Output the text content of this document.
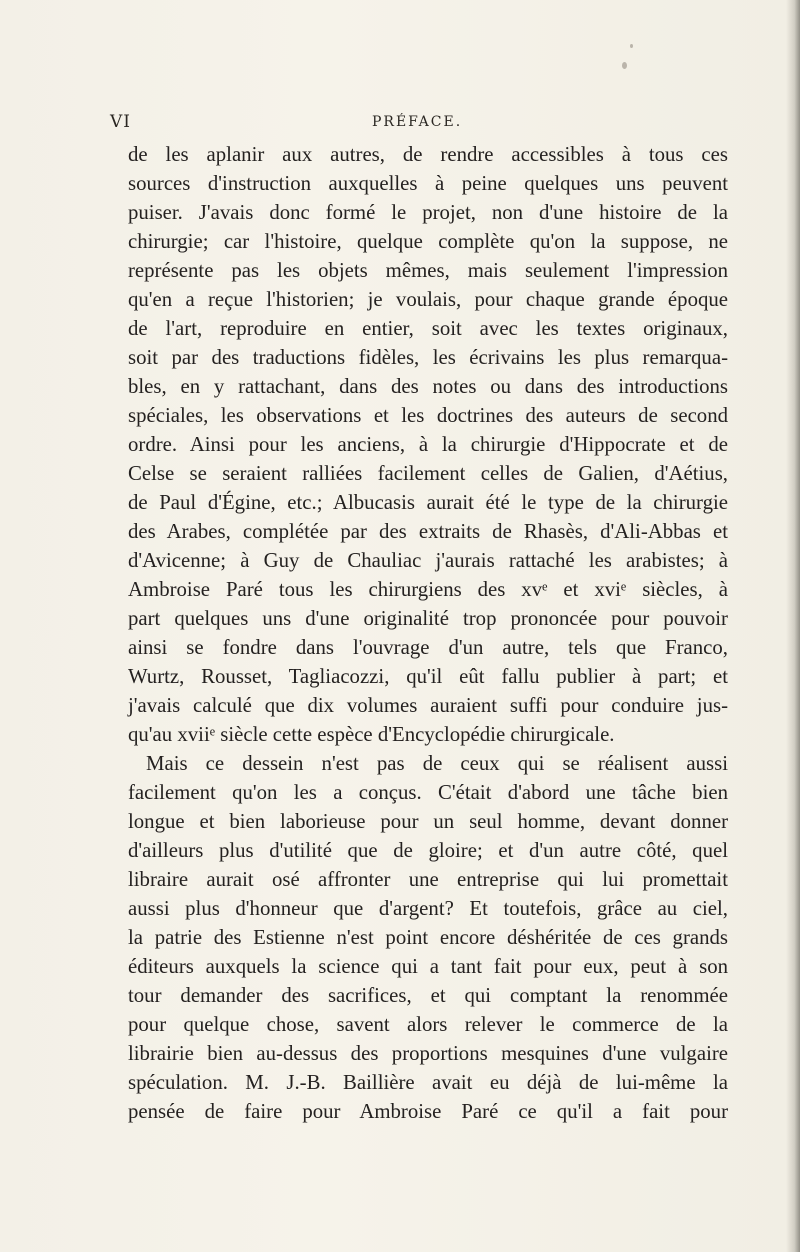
VI	PRÉFACE.
de les aplanir aux autres, de rendre accessibles à tous ces
sources d'instruction auxquelles à peine quelques uns peuvent
puiser. J'avais donc formé le projet, non d'une histoire de la
chirurgie; car l'histoire, quelque complète qu'on la suppose, ne
représente pas les objets mêmes, mais seulement l'impression
qu'en a reçue l'historien; je voulais, pour chaque grande époque
de l'art, reproduire en entier, soit avec les textes originaux,
soit par des traductions fidèles, les écrivains les plus remarqua-
bles, en y rattachant, dans des notes ou dans des introductions
spéciales, les observations et les doctrines des auteurs de second
ordre. Ainsi pour les anciens, à la chirurgie d'Hippocrate et de
Celse se seraient ralliées facilement celles de Galien, d'Aétius,
de Paul d'Égine, etc.; Albucasis aurait été le type de la chirurgie
des Arabes, complétée par des extraits de Rhasès, d'Ali-Abbas et
d'Avicenne; à Guy de Chauliac j'aurais rattaché les arabistes; à
Ambroise Paré tous les chirurgiens des xvᵉ et xviᵉ siècles, à
part quelques uns d'une originalité trop prononcée pour pouvoir
ainsi se fondre dans l'ouvrage d'un autre, tels que Franco,
Wurtz, Rousset, Tagliacozzi, qu'il eût fallu publier à part; et
j'avais calculé que dix volumes auraient suffi pour conduire jus-
qu'au xviiᵉ siècle cette espèce d'Encyclopédie chirurgicale.
Mais ce dessein n'est pas de ceux qui se réalisent aussi
facilement qu'on les a conçus. C'était d'abord une tâche bien
longue et bien laborieuse pour un seul homme, devant donner
d'ailleurs plus d'utilité que de gloire; et d'un autre côté, quel
libraire aurait osé affronter une entreprise qui lui promettait
aussi plus d'honneur que d'argent? Et toutefois, grâce au ciel,
la patrie des Estienne n'est point encore déshéritée de ces grands
éditeurs auxquels la science qui a tant fait pour eux, peut à son
tour demander des sacrifices, et qui comptant la renommée
pour quelque chose, savent alors relever le commerce de la
librairie bien au-dessus des proportions mesquines d'une vulgaire
spéculation. M. J.-B. Baillière avait eu déjà de lui-même la
pensée de faire pour Ambroise Paré ce qu'il a fait pour
